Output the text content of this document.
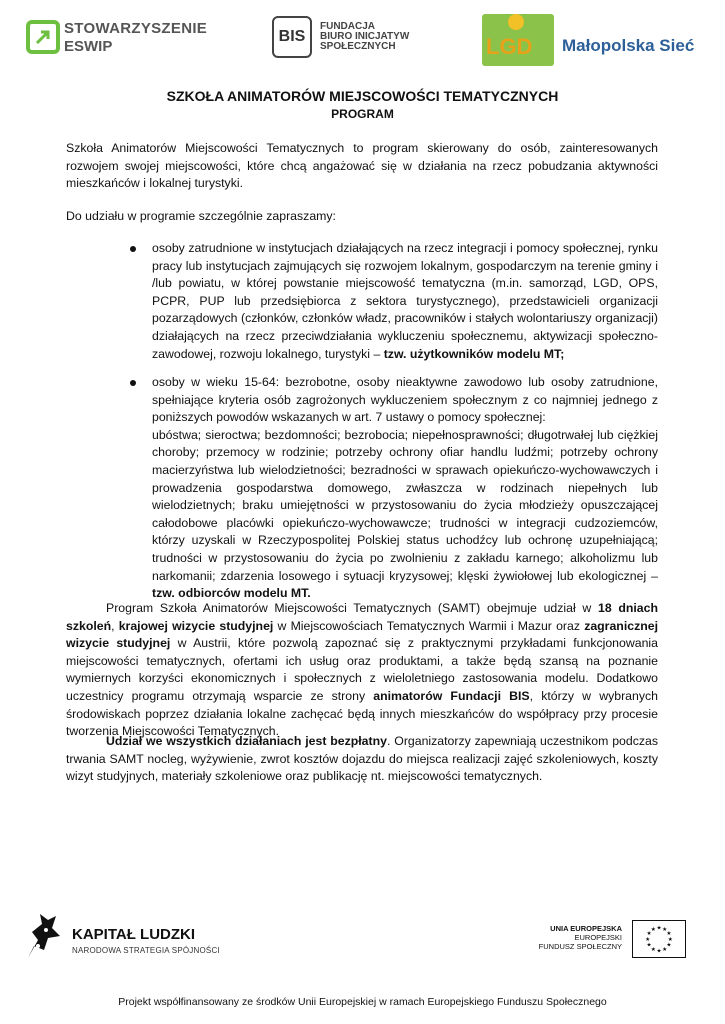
STOWARZYSZENIE
ESWIP
BIS
FUNDACJA
BIURO INICJATYW
SPOŁECZNYCH	LGD Małopolska Sieć
SZKOŁA ANIMATORÓW MIEJSCOWOŚCI TEMATYCZNYCH
PROGRAM
Szkoła Animatorów Miejscowości Tematycznych to program skierowany do osób, zainteresowanych rozwojem swojej miejscowości, które chcą angażować się w działania na rzecz pobudzania aktywności mieszkańców i lokalnej turystyki.
Do udziału w programie szczególnie zapraszamy:
osoby zatrudnione w instytucjach działających na rzecz integracji i pomocy społecznej, rynku pracy lub instytucjach zajmujących się rozwojem lokalnym, gospodarczym na terenie gminy i /lub powiatu, w której powstanie miejscowość tematyczna (m.in. samorząd, LGD, OPS, PCPR, PUP lub przedsiębiorca z sektora turystycznego), przedstawicieli organizacji pozarządowych (członków, członków władz, pracowników i stałych wolontariuszy organizacji) działających na rzecz przeciwdziałania wykluczeniu społecznemu, aktywizacji społeczno-zawodowej, rozwoju lokalnego, turystyki – tzw. użytkowników modelu MT;
osoby w wieku 15-64: bezrobotne, osoby nieaktywne zawodowo lub osoby zatrudnione, spełniające kryteria osób zagrożonych wykluczeniem społecznym z co najmniej jednego z poniższych powodów wskazanych w art. 7 ustawy o pomocy społecznej:
ubóstwa; sieroctwa; bezdomności; bezrobocia; niepełnosprawności; długotrwałej lub ciężkiej choroby; przemocy w rodzinie; potrzeby ochrony ofiar handlu ludźmi; potrzeby ochrony macierzyństwa lub wielodzietności; bezradności w sprawach opiekuńczo-wychowawczych i prowadzenia gospodarstwa domowego, zwłaszcza w rodzinach niepełnych lub wielodzietnych; braku umiejętności w przystosowaniu do życia młodzieży opuszczającej całodobowe placówki opiekuńczo-wychowawcze; trudności w integracji cudzoziemców, którzy uzyskali w Rzeczypospolitej Polskiej status uchodźcy lub ochronę uzupełniającą; trudności w przystosowaniu do życia po zwolnieniu z zakładu karnego; alkoholizmu lub narkomanii; zdarzenia losowego i sytuacji kryzysowej; klęski żywiołowej lub ekologicznej – tzw. odbiorców modelu MT.
Program Szkoła Animatorów Miejscowości Tematycznych (SAMT) obejmuje udział w 18 dniach szkoleń, krajowej wizycie studyjnej w Miejscowościach Tematycznych Warmii i Mazur oraz zagranicznej wizycie studyjnej w Austrii, które pozwolą zapoznać się z praktycznymi przykładami funkcjonowania miejscowości tematycznych, ofertami ich usług oraz produktami, a także będą szansą na poznanie wymiernych korzyści ekonomicznych i społecznych z wieloletniego zastosowania modelu. Dodatkowo uczestnicy programu otrzymają wsparcie ze strony animatorów Fundacji BIS, którzy w wybranych środowiskach poprzez działania lokalne zachęcać będą innych mieszkańców do współpracy przy procesie tworzenia Miejscowości Tematycznych.
Udział we wszystkich działaniach jest bezpłatny. Organizatorzy zapewniają uczestnikom podczas trwania SAMT nocleg, wyżywienie, zwrot kosztów dojazdu do miejsca realizacji zajęć szkoleniowych, koszty wizyt studyjnych, materiały szkoleniowe oraz publikację nt. miejscowości tematycznych.
KAPITAŁ LUDZKI
NARODOWA STRATEGIA SPÓJNOŚCI
UNIA EUROPEJSKA
EUROPEJSKI
FUNDUSZ SPOŁECZNY
★ ★
★
★
★
★
★
★
★
★
★
★
Projekt współfinansowany ze środków Unii Europejskiej w ramach Europejskiego Funduszu Społecznego
